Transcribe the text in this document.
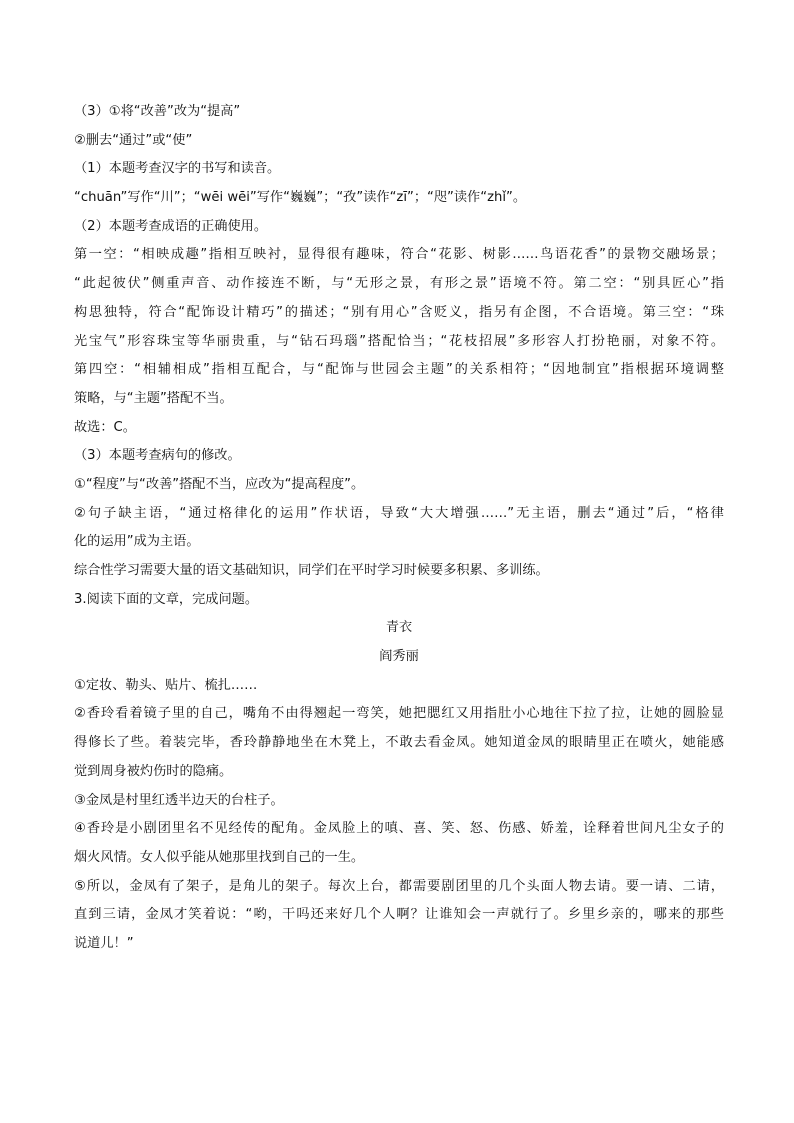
（3）①将“改善”改为“提高”
②删去“通过”或“使”
（1）本题考查汉字的书写和读音。
“chuān”写作“川”；“wēi wēi”写作“巍巍”；“孜”读作“zī”；“咫”读作“zhǐ”。
（2）本题考查成语的正确使用。
第一空：“相映成趣”指相互映衬，显得很有趣味，符合“花影、树影……鸟语花香”的景物交融场景；
“此起彼伏”侧重声音、动作接连不断，与“无形之景，有形之景”语境不符。第二空：“别具匠心”指
构思独特，符合“配饰设计精巧”的描述；“别有用心”含贬义，指另有企图，不合语境。第三空：“珠
光宝气”形容珠宝等华丽贵重，与“钻石玛瑙”搭配恰当；“花枝招展”多形容人打扮艳丽，对象不符。
第四空：“相辅相成”指相互配合，与“配饰与世园会主题”的关系相符；“因地制宜”指根据环境调整
策略，与“主题”搭配不当。
故选：C。
（3）本题考查病句的修改。
①“程度”与“改善”搭配不当，应改为“提高程度”。
②句子缺主语，“通过格律化的运用”作状语，导致“大大增强……”无主语，删去“通过”后，“格律
化的运用”成为主语。
综合性学习需要大量的语文基础知识，同学们在平时学习时候要多积累、多训练。
3.阅读下面的文章，完成问题。
青衣
阎秀丽
①定妆、勒头、贴片、梳扎……
②香玲看着镜子里的自己，嘴角不由得翘起一弯笑，她把腮红又用指肚小心地往下拉了拉，让她的圆脸显
得修长了些。着装完毕，香玲静静地坐在木凳上，不敢去看金凤。她知道金凤的眼睛里正在喷火，她能感
觉到周身被灼伤时的隐痛。
③金凤是村里红透半边天的台柱子。
④香玲是小剧团里名不见经传的配角。金凤脸上的嗔、喜、笑、怒、伤感、娇羞，诠释着世间凡尘女子的
烟火风情。女人似乎能从她那里找到自己的一生。
⑤所以，金凤有了架子，是角儿的架子。每次上台，都需要剧团里的几个头面人物去请。要一请、二请，
直到三请，金凤才笑着说：“哟，干吗还来好几个人啊？让谁知会一声就行了。乡里乡亲的，哪来的那些
说道儿！”
